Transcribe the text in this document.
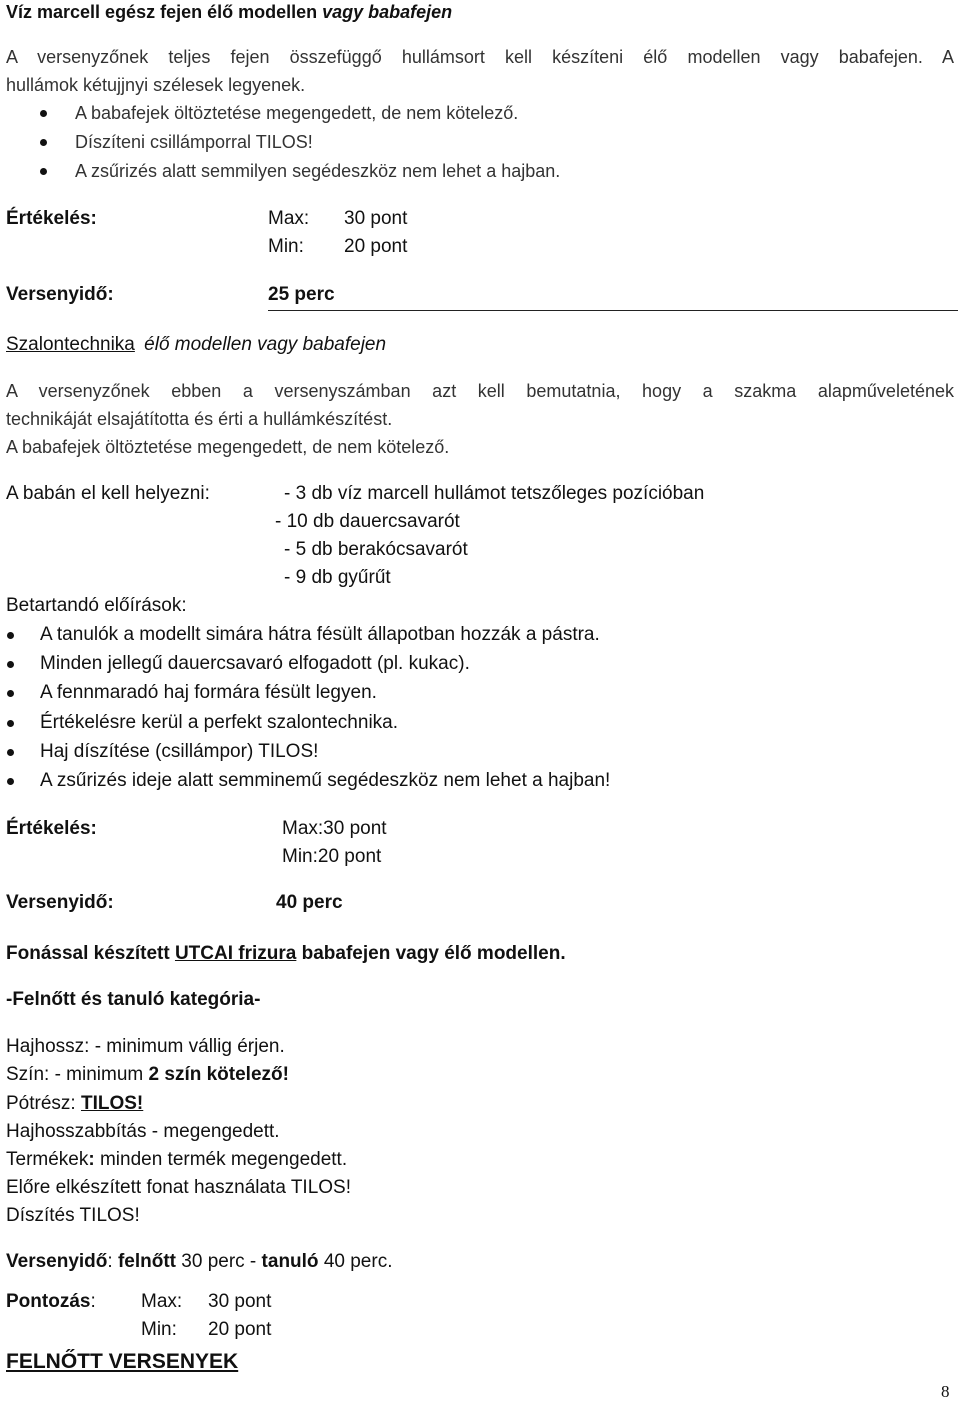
Víz marcell egész fejen élő modellen vagy babafejen
A versenyzőnek teljes fejen összefüggő hullámsort kell készíteni élő modellen vagy babafejen. A
hullámok kétujjnyi szélesek legyenek.
A babafejek öltöztetése megengedett, de nem kötelező.
Díszíteni csillámporral TILOS!
A zsűrizés alatt semmilyen segédeszköz nem lehet a hajban.
Értékelés:	Max: 30 pont
Min: 20 pont
Versenyidő:	25 perc
Szalontechnika élő modellen vagy babafejen
A versenyzőnek ebben a versenyszámban azt kell bemutatnia, hogy a szakma alapműveletének
technikáját elsajátította és érti a hullámkészítést.
A babafejek öltöztetése megengedett, de nem kötelező.
A babán el kell helyezni:	- 3 db víz marcell hullámot tetszőleges pozícióban
- 10 db dauercsavarót
- 5 db berakócsavarót
- 9 db gyűrűt
Betartandó előírások:
A tanulók a modellt simára hátra fésült állapotban hozzák a pástra.
Minden jellegű dauercsavaró elfogadott (pl. kukac).
A fennmaradó haj formára fésült legyen.
Értékelésre kerül a perfekt szalontechnika.
Haj díszítése (csillámpor) TILOS!
A zsűrizés ideje alatt semminemű segédeszköz nem lehet a hajban!
Értékelés:	Max:30 pont
Min:20 pont
Versenyidő:	40 perc
Fonással készített UTCAI frizura babafejen vagy élő modellen.
-Felnőtt és tanuló kategória-
Hajhossz: - minimum vállig érjen.
Szín: - minimum 2 szín kötelező!
Pótrész: TILOS!
Hajhosszabbítás - megengedett.
Termékek: minden termék megengedett.
Előre elkészített fonat használata TILOS!
Díszítés TILOS!
Versenyidő: felnőtt 30 perc - tanuló 40 perc.
Pontozás: Max: 30 pont
Min: 20 pont
FELNŐTT VERSENYEK
8
